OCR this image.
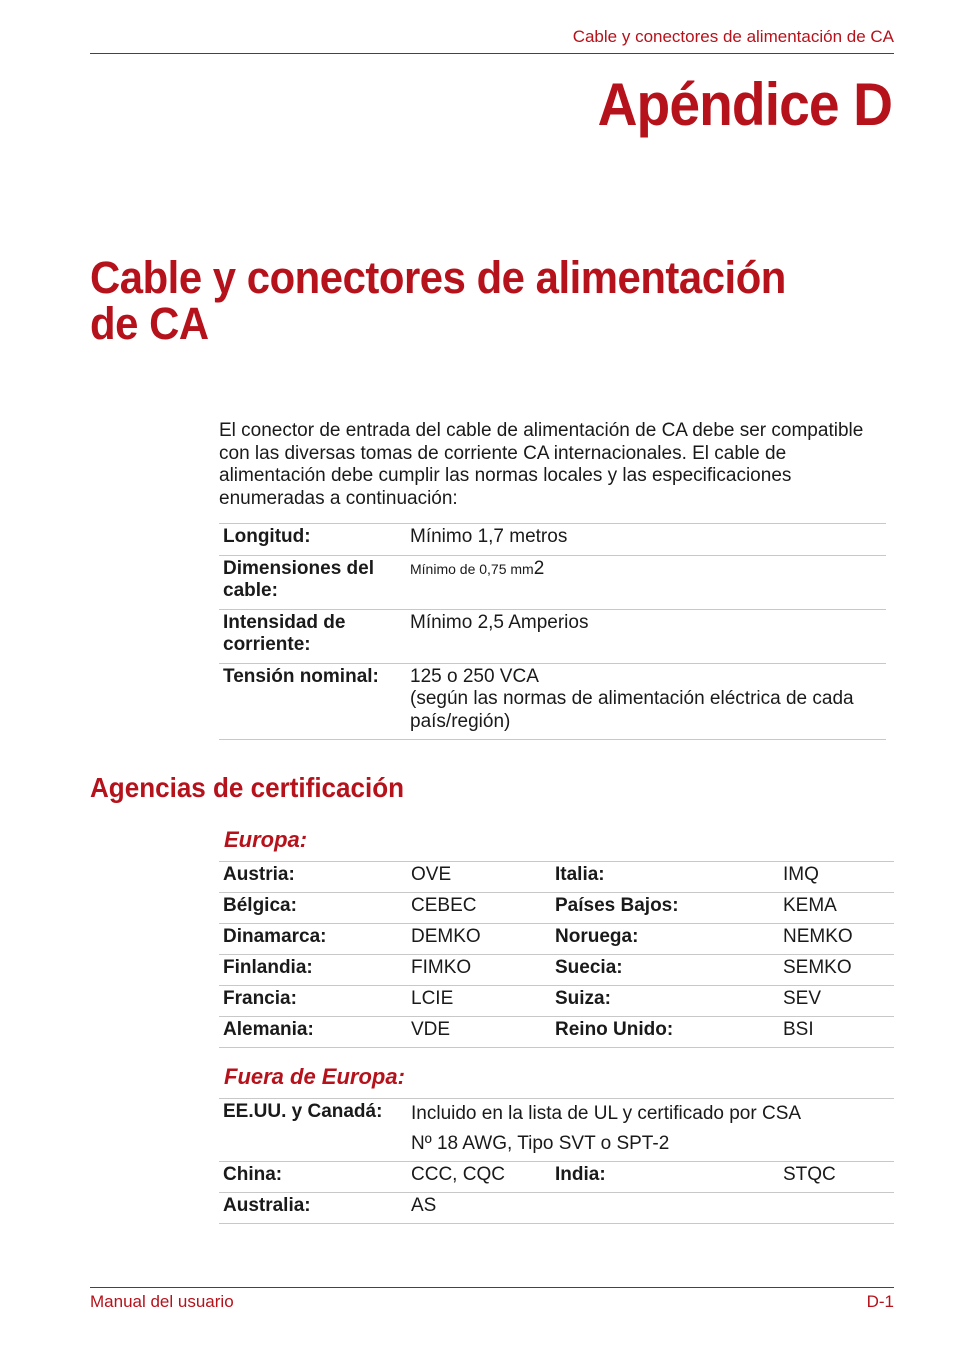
Cable y conectores de alimentación de CA
Apéndice D
Cable y conectores de alimentación de CA
El conector de entrada del cable de alimentación de CA debe ser compatible con las diversas tomas de corriente CA internacionales. El cable de alimentación debe cumplir las normas locales y las especificaciones enumeradas a continuación:
Longitud:	Mínimo 1,7 metros
Dimensiones del cable:	Mínimo de 0,75 mm2
Intensidad de corriente:	Mínimo 2,5 Amperios
Tensión nominal:	125 o 250 VCA
(según las normas de alimentación eléctrica de cada país/región)
Agencias de certificación
Europa:
Austria:	OVE	Italia:	IMQ
Bélgica:	CEBEC	Países Bajos:	KEMA
Dinamarca:	DEMKO	Noruega:	NEMKO
Finlandia:	FIMKO	Suecia:	SEMKO
Francia:	LCIE	Suiza:	SEV
Alemania:	VDE	Reino Unido:	BSI
Fuera de Europa:
EE.UU. y Canadá:	Incluido en la lista de UL y certificado por CSA
Nº 18 AWG, Tipo SVT o SPT-2		

China:	CCC, CQC	India:	STQC
Australia:	AS		
Manual del usuario	D-1
